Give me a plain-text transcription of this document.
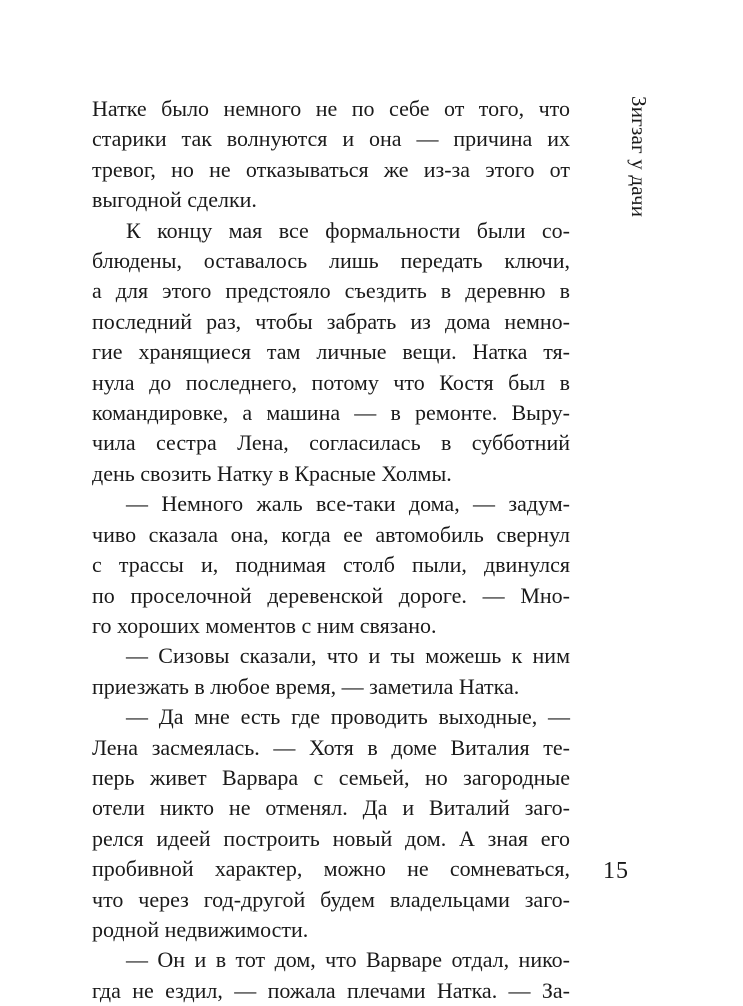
Зигзаг у дачи
Натке было немного не по себе от того, что
старики так волнуются и она — причина их
тревог, но не отказываться же из-за этого от
выгодной сделки.
К концу мая все формальности были со-
блюдены, оставалось лишь передать ключи,
а для этого предстояло съездить в деревню в
последний раз, чтобы забрать из дома немно-
гие хранящиеся там личные вещи. Натка тя-
нула до последнего, потому что Костя был в
командировке, а машина — в ремонте. Выру-
чила сестра Лена, согласилась в субботний
день свозить Натку в Красные Холмы.
— Немного жаль все-таки дома, — задум-
чиво сказала она, когда ее автомобиль свернул
с трассы и, поднимая столб пыли, двинулся
по проселочной деревенской дороге. — Мно-
го хороших моментов с ним связано.
— Сизовы сказали, что и ты можешь к ним
приезжать в любое время, — заметила Натка.
— Да мне есть где проводить выходные, —
Лена засмеялась. — Хотя в доме Виталия те-
перь живет Варвара с семьей, но загородные
отели никто не отменял. Да и Виталий заго-
релся идеей построить новый дом. А зная его
пробивной характер, можно не сомневаться,
что через год-другой будем владельцами заго-
родной недвижимости.
— Он и в тот дом, что Варваре отдал, нико-
гда не ездил, — пожала плечами Натка. — За-
15
